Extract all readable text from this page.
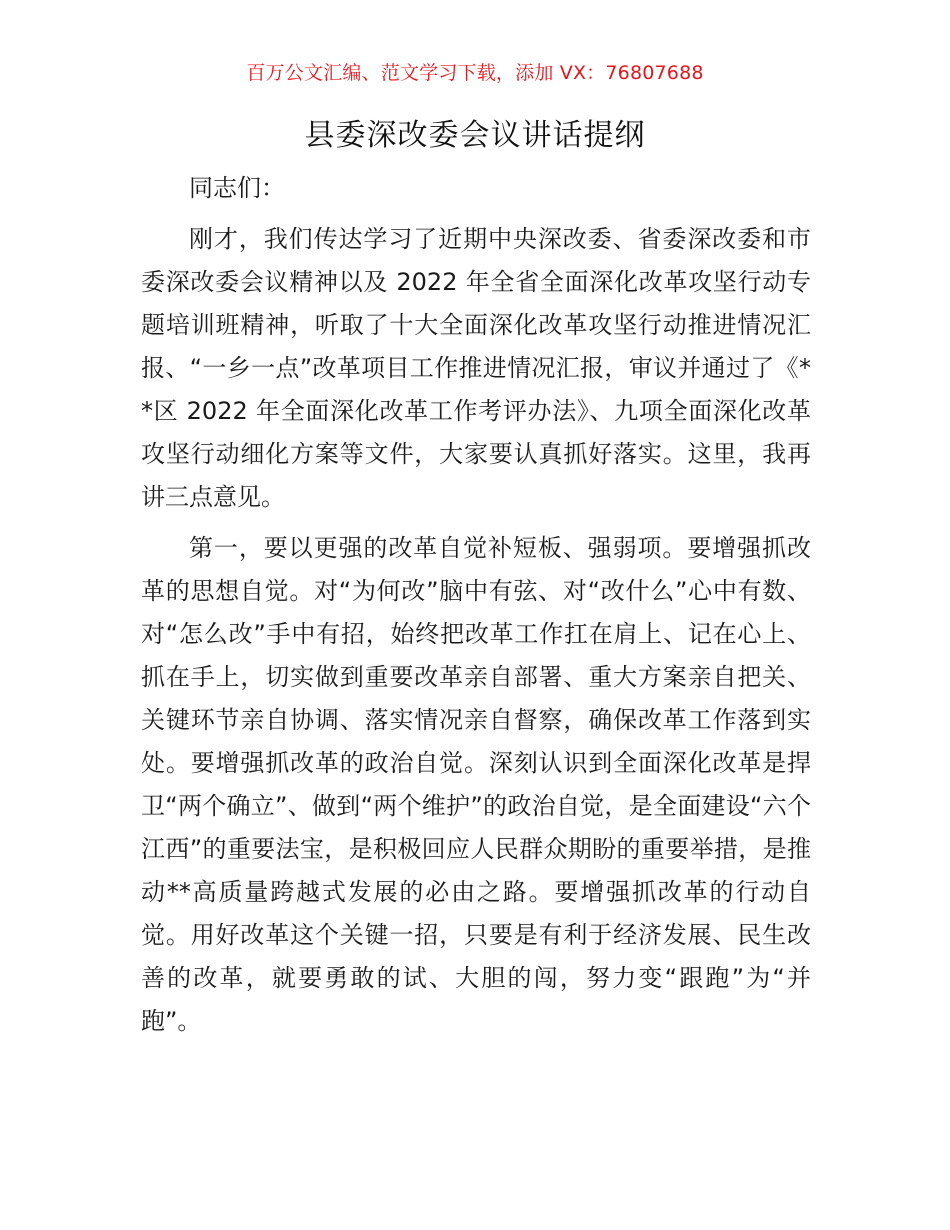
百万公文汇编、范文学习下载，添加 VX：76807688
县委深改委会议讲话提纲

同志们：

刚才，我们传达学习了近期中央深改委、省委深改委和市委深改委会议精神以及 2022 年全省全面深化改革攻坚行动专题培训班精神，听取了十大全面深化改革攻坚行动推进情况汇报、“一乡一点”改革项目工作推进情况汇报，审议并通过了《**区 2022 年全面深化改革工作考评办法》、九项全面深化改革攻坚行动细化方案等文件，大家要认真抓好落实。这里，我再讲三点意见。

第一，要以更强的改革自觉补短板、强弱项。要增强抓改革的思想自觉。对“为何改”脑中有弦、对“改什么”心中有数、对“怎么改”手中有招，始终把改革工作扛在肩上、记在心上、抓在手上，切实做到重要改革亲自部署、重大方案亲自把关、关键环节亲自协调、落实情况亲自督察，确保改革工作落到实处。要增强抓改革的政治自觉。深刻认识到全面深化改革是捍卫“两个确立”、做到“两个维护”的政治自觉，是全面建设“六个江西”的重要法宝，是积极回应人民群众期盼的重要举措，是推动**高质量跨越式发展的必由之路。要增强抓改革的行动自觉。用好改革这个关键一招，只要是有利于经济发展、民生改善的改革，就要勇敢的试、大胆的闯，努力变“跟跑”为“并跑”。
